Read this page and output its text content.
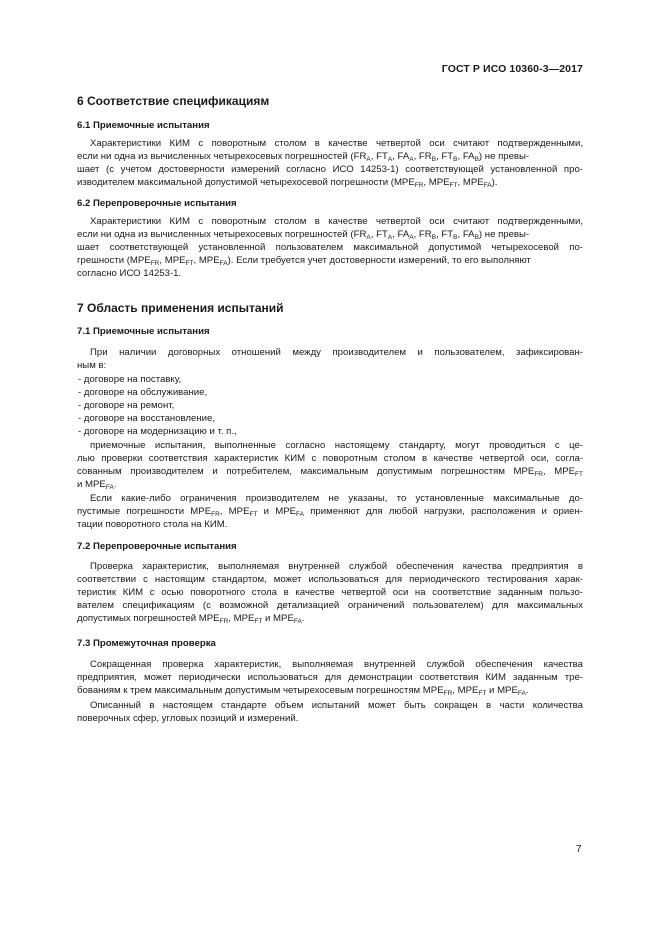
ГОСТ Р ИСО 10360-3—2017
6 Соответствие спецификациям
6.1 Приемочные испытания
Характеристики КИМ с поворотным столом в качестве четвертой оси считают подтвержденными,
если ни одна из вычисленных четырехосевых погрешностей ($FR_A$, $FT_A$, $FA_A$, $FR_B$, $FT_B$, $FA_B$) не превы-
шает (с учетом достоверности измерений согласно ИСО 14253-1) соответствующей установленной про-
изводителем максимальной допустимой четырехосевой погрешности ($MPE_{FR}$, $MPE_{FT}$, $MPE_{FA}$).
6.2 Перепроверочные испытания
Характеристики КИМ с поворотным столом в качестве четвертой оси считают подтвержденными,
если ни одна из вычисленных четырехосевых погрешностей ($FR_A$, $FT_A$, $FA_A$, $FR_B$, $FT_B$, $FA_B$) не превы-
шает соответствующей установленной пользователем максимальной допустимой четырехосевой по-
грешности ($MPE_{FR}$, $MPE_{FT}$, $MPE_{FA}$). Если требуется учет достоверности измерений, то его выполняют
согласно ИСО 14253-1.
7 Область применения испытаний
7.1 Приемочные испытания
При наличии договорных отношений между производителем и пользователем, зафиксирован-
ным в:
- договоре на поставку,
- договоре на обслуживание,
- договоре на ремонт,
- договоре на восстановление,
- договоре на модернизацию и т. п.,
приемочные испытания, выполненные согласно настоящему стандарту, могут проводиться с це-
лью проверки соответствия характеристик КИМ с поворотным столом в качестве четвертой оси, согла-
сованным производителем и потребителем, максимальным допустимым погрешностям $MPE_{FR}$, $MPE_{FT}$
и $MPE_{FA}$.
Если какие-либо ограничения производителем не указаны, то установленные максимальные до-
пустимые погрешности $MPE_{FR}$, $MPE_{FT}$ и $MPE_{FA}$ применяют для любой нагрузки, расположения и ориен-
тации поворотного стола на КИМ.
7.2 Перепроверочные испытания
Проверка характеристик, выполняемая внутренней службой обеспечения качества предприятия в
соответствии с настоящим стандартом, может использоваться для периодического тестирования харак-
теристик КИМ с осью поворотного стола в качестве четвертой оси на соответствие заданным пользо-
вателем спецификациям (с возможной детализацией ограничений пользователем) для максимальных
допустимых погрешностей $MPE_{FR}$, $MPE_{FT}$ и $MPE_{FA}$.
7.3 Промежуточная проверка
Сокращенная проверка характеристик, выполняемая внутренней службой обеспечения качества
предприятия, может периодически использоваться для демонстрации соответствия КИМ заданным тре-
бованиям к трем максимальным допустимым четырехосевым погрешностям $MPE_{FR}$, $MPE_{FT}$ и $MPE_{FA}$.
Описанный в настоящем стандарте объем испытаний может быть сокращен в части количества
поверочных сфер, угловых позиций и измерений.
7
